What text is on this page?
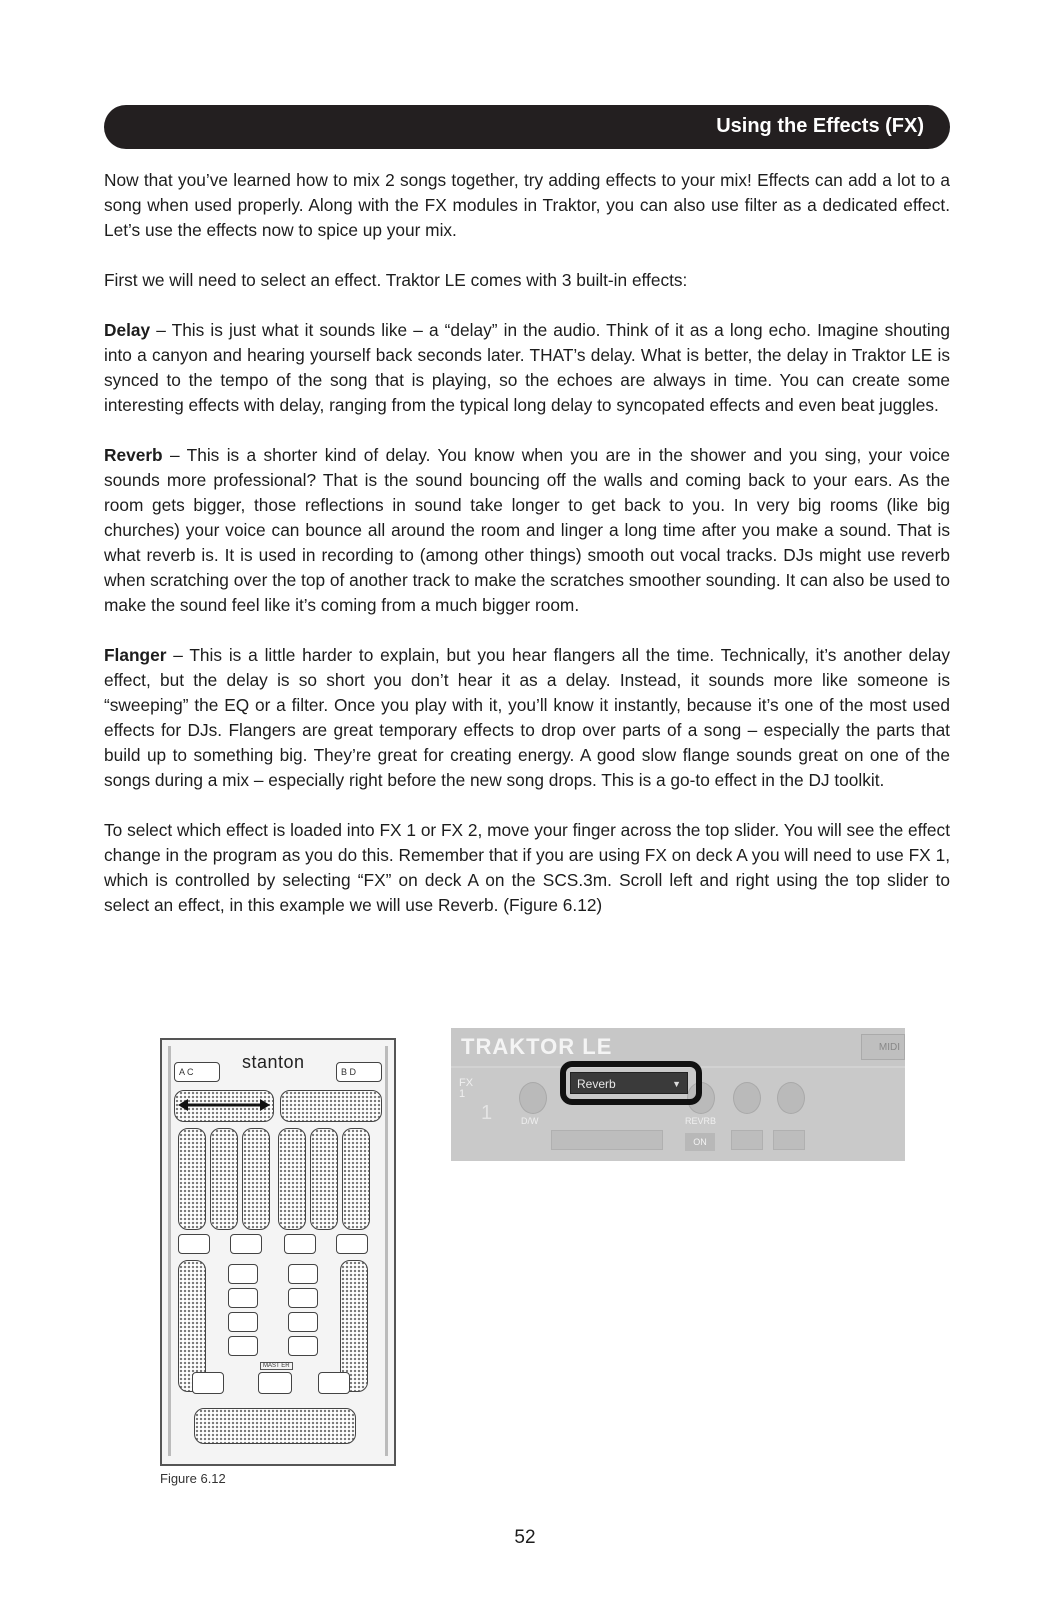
Using the Effects (FX)

Now that you’ve learned how to mix 2 songs together, try adding effects to your mix! Effects can add a lot to a song when used properly. Along with the FX modules in Traktor, you can also use filter as a dedicated effect. Let’s use the effects now to spice up your mix.

First we will need to select an effect. Traktor LE comes with 3 built-in effects:

Delay – This is just what it sounds like – a “delay” in the audio. Think of it as a long echo. Imagine shouting into a canyon and hearing yourself back seconds later. THAT’s delay. What is better, the delay in Traktor LE is synced to the tempo of the song that is playing, so the echoes are always in time. You can create some interesting effects with delay, ranging from the typical long delay to syncopated effects and even beat juggles.

Reverb – This is a shorter kind of delay. You know when you are in the shower and you sing, your voice sounds more professional? That is the sound bouncing off the walls and coming back to your ears. As the room gets bigger, those reflections in sound take longer to get back to you. In very big rooms (like big churches) your voice can bounce all around the room and linger a long time after you make a sound. That is what reverb is. It is used in recording to (among other things) smooth out vocal tracks. DJs might use reverb when scratching over the top of another track to make the scratches smoother sounding. It can also be used to make the sound feel like it’s coming from a much bigger room.

Flanger – This is a little harder to explain, but you hear flangers all the time. Technically, it’s another delay effect, but the delay is so short you don’t hear it as a delay. Instead, it sounds more like someone is “sweeping” the EQ or a filter. Once you play with it, you’ll know it instantly, because it’s one of the most used effects for DJs. Flangers are great temporary effects to drop over parts of a song – especially the parts that build up to something big. They’re great for creating energy. A good slow flange sounds great on one of the songs during a mix – especially right before the new song drops. This is a go-to effect in the DJ toolkit.

To select which effect is loaded into FX 1 or FX 2, move your finger across the top slider. You will see the effect change in the program as you do this. Remember that if you are using FX on deck A you will need to use FX 1, which is controlled by selecting “FX” on deck A on the SCS.3m. Scroll left and right using the top slider to select an effect, in this example we will use Reverb. (Figure 6.12)

stanton
A C	B D
MAST ER
TRAKTOR LE	MIDI
FX
1
1	D/W	REVRB
ON
Reverb	▼
Figure 6.12
52
